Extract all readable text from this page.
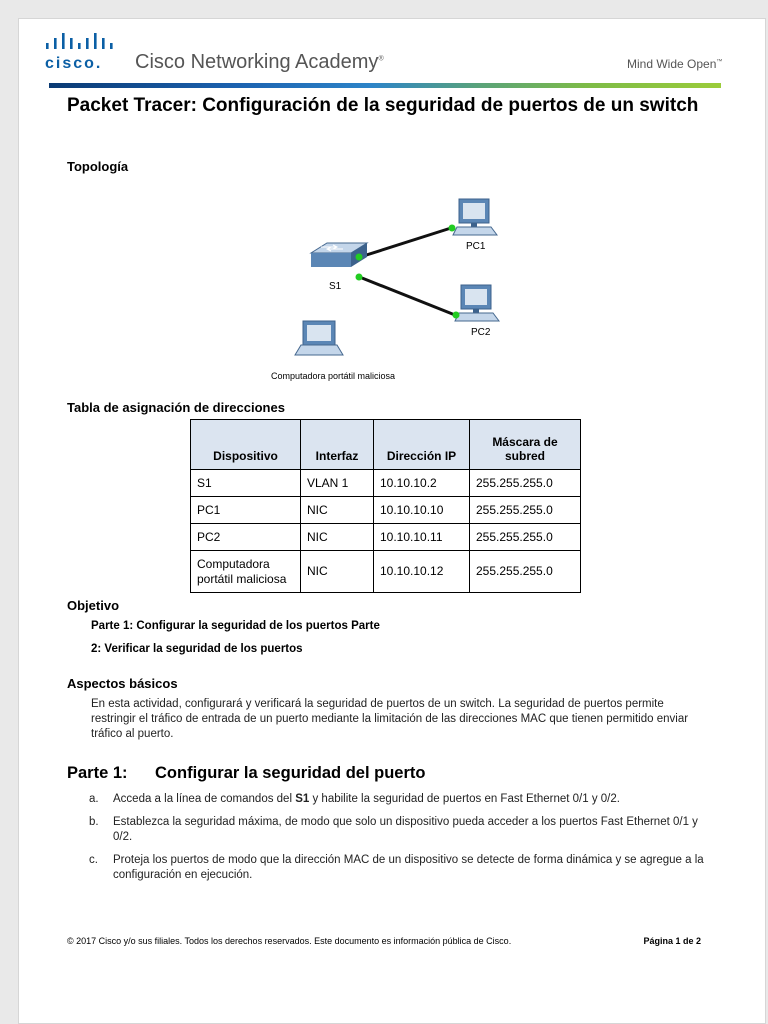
cisco. Cisco Networking Academy®	Mind Wide Open™
Packet Tracer: Configuración de la seguridad de puertos de un switch
Topología
S1
PC1
PC2
Computadora portátil maliciosa
Tabla de asignación de direcciones
Dispositivo	Interfaz	Dirección IP	Máscara de subred
S1	VLAN 1	10.10.10.2	255.255.255.0
PC1	NIC	10.10.10.10	255.255.255.0
PC2	NIC	10.10.10.11	255.255.255.0
Computadora portátil maliciosa	NIC	10.10.10.12	255.255.255.0
Objetivo
Parte 1: Configurar la seguridad de los puertos Parte
2: Verificar la seguridad de los puertos
Aspectos básicos
En esta actividad, configurará y verificará la seguridad de puertos de un switch. La seguridad de puertos permite restringir el tráfico de entrada de un puerto mediante la limitación de las direcciones MAC que tienen permitido enviar tráfico al puerto.
Parte 1: Configurar la seguridad del puerto
a.	Acceda a la línea de comandos del S1 y habilite la seguridad de puertos en Fast Ethernet 0/1 y 0/2.
b.	Establezca la seguridad máxima, de modo que solo un dispositivo pueda acceder a los puertos Fast Ethernet 0/1 y 0/2.
c.	Proteja los puertos de modo que la dirección MAC de un dispositivo se detecte de forma dinámica y se agregue a la configuración en ejecución.
© 2017 Cisco y/o sus filiales. Todos los derechos reservados. Este documento es información pública de Cisco.	Página 1 de 2
